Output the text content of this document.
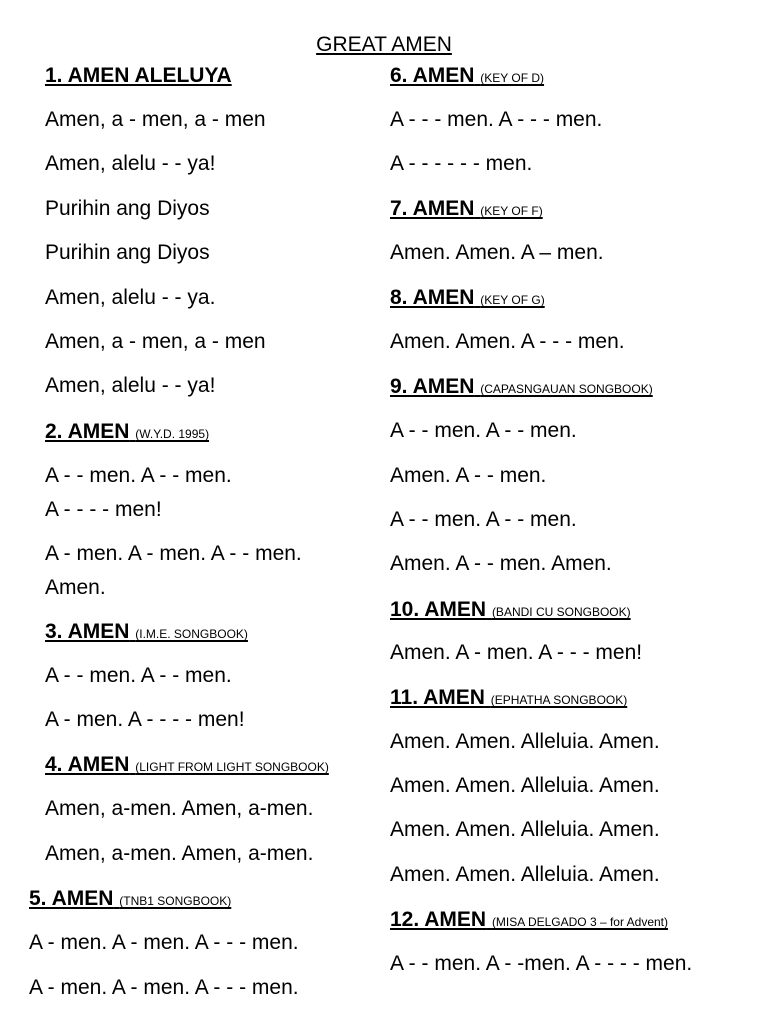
GREAT AMEN
1. AMEN ALELUYA
Amen, a - men, a - men
Amen, alelu - - ya!
Purihin ang Diyos
Purihin ang Diyos
Amen, alelu - - ya.
Amen, a - men, a - men
Amen, alelu - - ya!
2. AMEN (W.Y.D. 1995)
A - - men. A - - men.
A - - - - men!
A - men. A - men. A - - men.
Amen.
3. AMEN (I.M.E. SONGBOOK)
A - - men. A - - men.
A - men. A - - - - men!
4. AMEN (LIGHT FROM LIGHT SONGBOOK)
Amen, a-men. Amen, a-men.
Amen, a-men. Amen, a-men.
5. AMEN (TNB1 SONGBOOK)
A - men. A - men. A - - - men.
A - men. A - men. A - - - men.
6. AMEN (KEY OF D)
A - - - men. A - - - men.
A - - - - - - men.
7. AMEN (KEY OF F)
Amen. Amen. A – men.
8. AMEN (KEY OF G)
Amen. Amen. A - - - men.
9. AMEN (CAPASNGAUAN SONGBOOK)
A - - men. A - - men.
Amen. A - - men.
A - - men. A - - men.
Amen. A - - men. Amen.
10. AMEN (BANDI CU SONGBOOK)
Amen. A - men. A - - - men!
11. AMEN (EPHATHA SONGBOOK)
Amen. Amen. Alleluia. Amen.
Amen. Amen. Alleluia. Amen.
Amen. Amen. Alleluia. Amen.
Amen. Amen. Alleluia. Amen.
12. AMEN (MISA DELGADO 3 – for Advent)
A - - men. A - -men. A - - - - men.
